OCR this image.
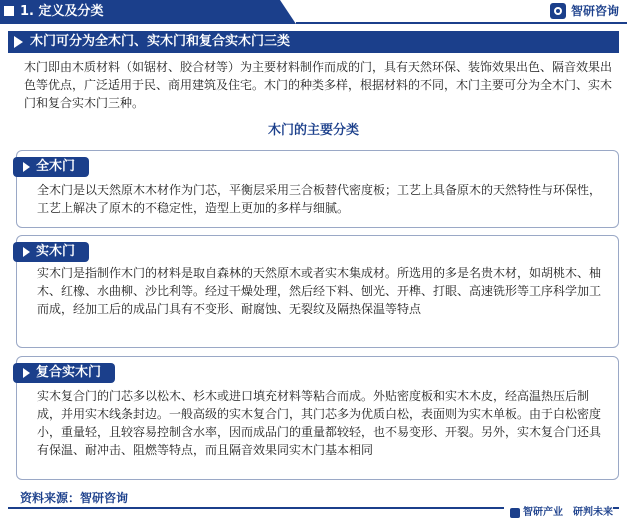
1. 定义及分类	智研咨询
木门可分为全木门、实木门和复合实木门三类
木门即由木质材料（如锯材、胶合材等）为主要材料制作而成的门，具有天然环保、装饰效果出色、隔音效果出色等优点，广泛适用于民、商用建筑及住宅。木门的种类多样，根据材料的不同，木门主要可分为全木门、实木门和复合实木门三种。
木门的主要分类
全木门
全木门是以天然原木木材作为门芯，平衡层采用三合板替代密度板；工艺上具备原木的天然特性与环保性，工艺上解决了原木的不稳定性，造型上更加的多样与细腻。
实木门
实木门是指制作木门的材料是取自森林的天然原木或者实木集成材。所选用的多是名贵木材，如胡桃木、柚木、红橡、水曲柳、沙比利等。经过干燥处理，然后经下料、刨光、开榫、打眼、高速铣形等工序科学加工而成，经加工后的成品门具有不变形、耐腐蚀、无裂纹及隔热保温等特点
复合实木门
实木复合门的门芯多以松木、杉木或进口填充材料等粘合而成。外贴密度板和实木木皮，经高温热压后制成，并用实木线条封边。一般高级的实木复合门，其门芯多为优质白松，表面则为实木单板。由于白松密度小，重量轻，且较容易控制含水率，因而成品门的重量都较轻，也不易变形、开裂。另外，实木复合门还具有保温、耐冲击、阻燃等特点，而且隔音效果同实木门基本相同
资料来源：智研咨询
智研产业 研判未来
